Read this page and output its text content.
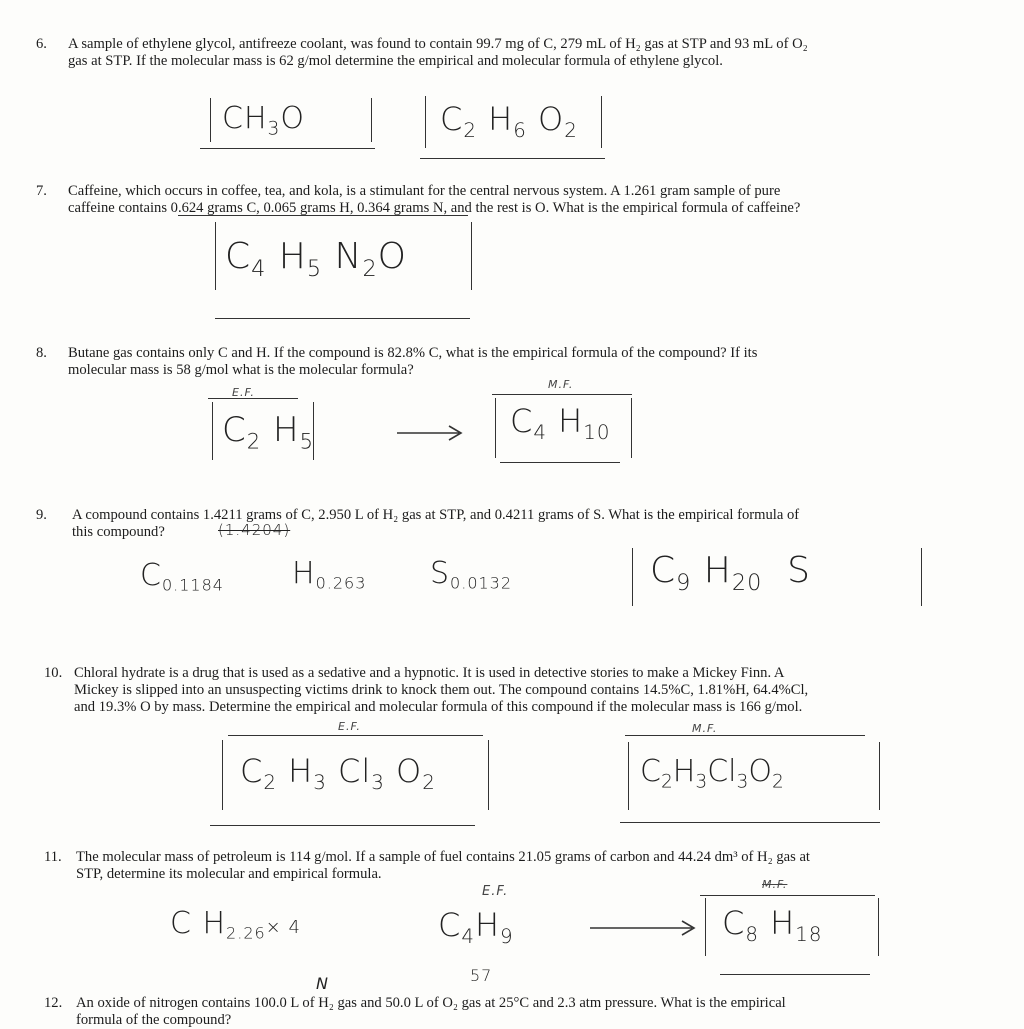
6. A sample of ethylene glycol, antifreeze coolant, was found to contain 99.7 mg of C, 279 mL of H₂ gas at STP and 93 mL of O₂
gas at STP. If the molecular mass is 62 g/mol determine the empirical and molecular formula of ethylene glycol.
$CH_3O$	$C_2$ $H_6$ $O_2$
7. Caffeine, which occurs in coffee, tea, and kola, is a stimulant for the central nervous system. A 1.261 gram sample of pure
caffeine contains 0.624 grams C, 0.065 grams H, 0.364 grams N, and the rest is O. What is the empirical formula of caffeine?
$C_4$ $H_5$ $N_2O$
8. Butane gas contains only C and H. If the compound is 82.8% C, what is the empirical formula of the compound? If its
molecular mass is 58 g/mol what is the molecular formula?
E.F.
M.F.
$C_2$ $H_5$
$C_4$ $H_{10}$
9. A compound contains 1.4211 grams of C, 2.950 L of H₂ gas at STP, and 0.4211 grams of S. What is the empirical formula of
this compound?	(1.4204)
$C_{0.1184}$ $H_{0.263}$ $S_{0.0132}$	$C_9$ $H_{20}$ S
10. Chloral hydrate is a drug that is used as a sedative and a hypnotic. It is used in detective stories to make a Mickey Finn. A
Mickey is slipped into an unsuspecting victims drink to knock them out. The compound contains 14.5%C, 1.81%H, 64.4%Cl,
and 19.3% O by mass. Determine the empirical and molecular formula of this compound if the molecular mass is 166 g/mol.
E.F.	M.F.
$C_2$ $H_3$ $Cl_3$ $O_2$	$C_2H_3Cl_3O_2$
11. The molecular mass of petroleum is 114 g/mol. If a sample of fuel contains 21.05 grams of carbon and 44.24 dm³ of H₂ gas at
STP, determine its molecular and empirical formula.
E.F.	M.F.
C $H_{2.26}\times 4$	$C_4H_9$
57
$C_8$ $H_{18}$
12. An oxide of nitrogen contains 100.0 L of H₂ gas and 50.0 L of O₂ gas at 25°C and 2.3 atm pressure. What is the empirical
formula of the compound?
N
